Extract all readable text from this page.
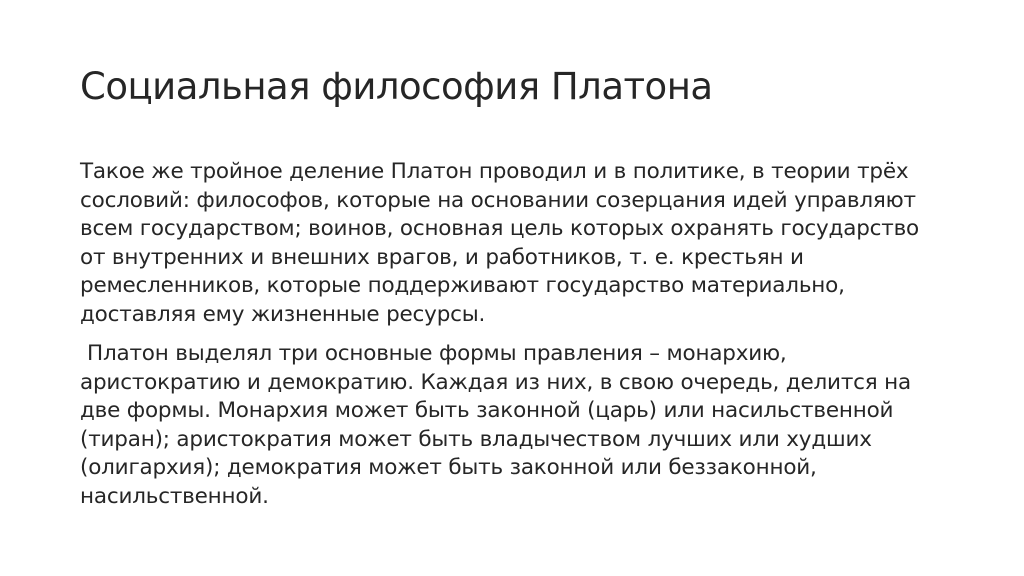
Социальная философия Платона

Такое же тройное деление Платон проводил и в политике, в теории трёх
сословий: философов, которые на основании созерцания идей управляют
всем государством; воинов, основная цель которых охранять государство
от внутренних и внешних врагов, и работников, т. е. крестьян и
ремесленников, которые поддерживают государство материально,
доставляя ему жизненные ресурсы.

Платон выделял три основные формы правления – монархию,
аристократию и демократию. Каждая из них, в свою очередь, делится на
две формы. Монархия может быть законной (царь) или насильственной
(тиран); аристократия может быть владычеством лучших или худших
(олигархия); демократия может быть законной или беззаконной,
насильственной.
